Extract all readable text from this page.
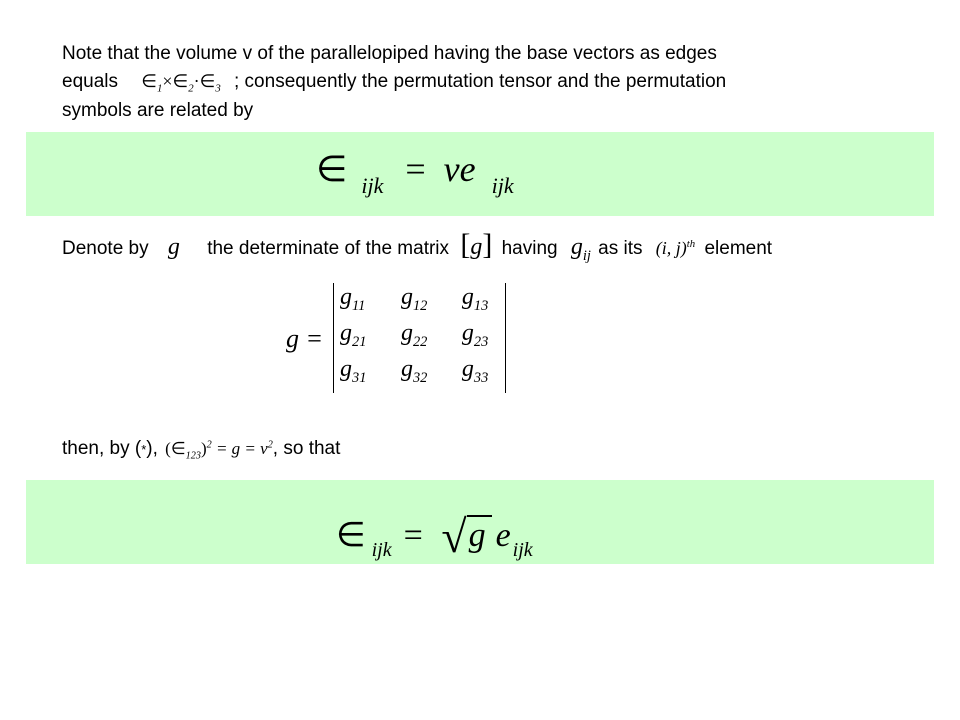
Note that the volume v of the parallelopiped having the base vectors as edges
equals $\in_1\times\in_2\cdot\in_3$ ; consequently the permutation tensor and the permutation
symbols are related by
∈ $_{ijk}$ = ve $_{ijk}$
Denote by g the determinate of the matrix [g] having $g_{ij}$ as its (i, j)$^{th}$ element
g =
$g_{11}$	$g_{12}$	$g_{13}$
$g_{21}$	$g_{22}$	$g_{23}$
$g_{31}$	$g_{32}$	$g_{33}$
then, by (*), $(\in_{123})^2 = g = v^2$, so that
∈ $_{ijk}$ = √g e $_{ijk}$
